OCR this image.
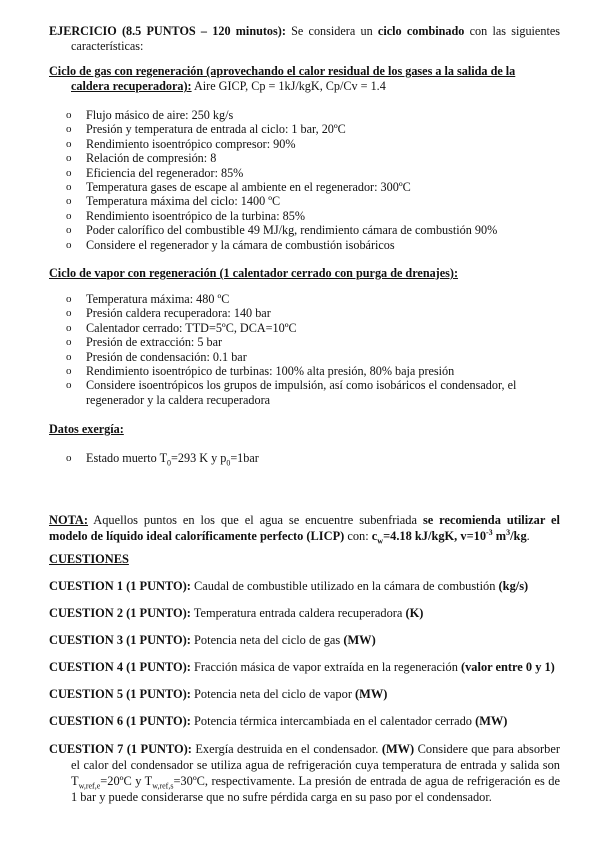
EJERCICIO (8.5 PUNTOS – 120 minutos): Se considera un ciclo combinado con las siguientes características:
Ciclo de gas con regeneración (aprovechando el calor residual de los gases a la salida de la
caldera recuperadora): Aire GICP, Cp = 1kJ/kgK, Cp/Cv = 1.4
o Flujo másico de aire: 250 kg/s
o Presión y temperatura de entrada al ciclo: 1 bar, 20ºC
o Rendimiento isoentrópico compresor: 90%
o Relación de compresión: 8
o Eficiencia del regenerador: 85%
o Temperatura gases de escape al ambiente en el regenerador: 300ºC
o Temperatura máxima del ciclo: 1400 ºC
o Rendimiento isoentrópico de la turbina: 85%
o Poder calorífico del combustible 49 MJ/kg, rendimiento cámara de combustión 90%
o Considere el regenerador y la cámara de combustión isobáricos
Ciclo de vapor con regeneración (1 calentador cerrado con purga de drenajes):
o Temperatura máxima: 480 ºC
o Presión caldera recuperadora: 140 bar
o Calentador cerrado: TTD=5ºC, DCA=10ºC
o Presión de extracción: 5 bar
o Presión de condensación: 0.1 bar
o Rendimiento isoentrópico de turbinas: 100% alta presión, 80% baja presión
o Considere isoentrópicos los grupos de impulsión, así como isobáricos el condensador, el regenerador y la caldera recuperadora
Datos exergía:
o Estado muerto $T_0=293$ K y $p_0=1bar$
NOTA: Aquellos puntos en los que el agua se encuentre subenfriada se recomienda utilizar el modelo de líquido ideal caloríficamente perfecto (LICP) con: $c_w=4.18$ kJ/kgK, $v=10^{-3}$ $m^3/kg$.
CUESTIONES
CUESTION 1 (1 PUNTO): Caudal de combustible utilizado en la cámara de combustión (kg/s)
CUESTION 2 (1 PUNTO): Temperatura entrada caldera recuperadora (K)
CUESTION 3 (1 PUNTO): Potencia neta del ciclo de gas (MW)
CUESTION 4 (1 PUNTO): Fracción másica de vapor extraída en la regeneración (valor entre 0 y 1)
CUESTION 5 (1 PUNTO): Potencia neta del ciclo de vapor (MW)
CUESTION 6 (1 PUNTO): Potencia térmica intercambiada en el calentador cerrado (MW)
CUESTION 7 (1 PUNTO): Exergía destruida en el condensador. (MW) Considere que para absorber el calor del condensador se utiliza agua de refrigeración cuya temperatura de entrada y salida son $T_{w,ref,e}=20ºC$ y $T_{w,ref,s}=30ºC$, respectivamente. La presión de entrada de agua de refrigeración es de 1 bar y puede considerarse que no sufre pérdida carga en su paso por el condensador.
